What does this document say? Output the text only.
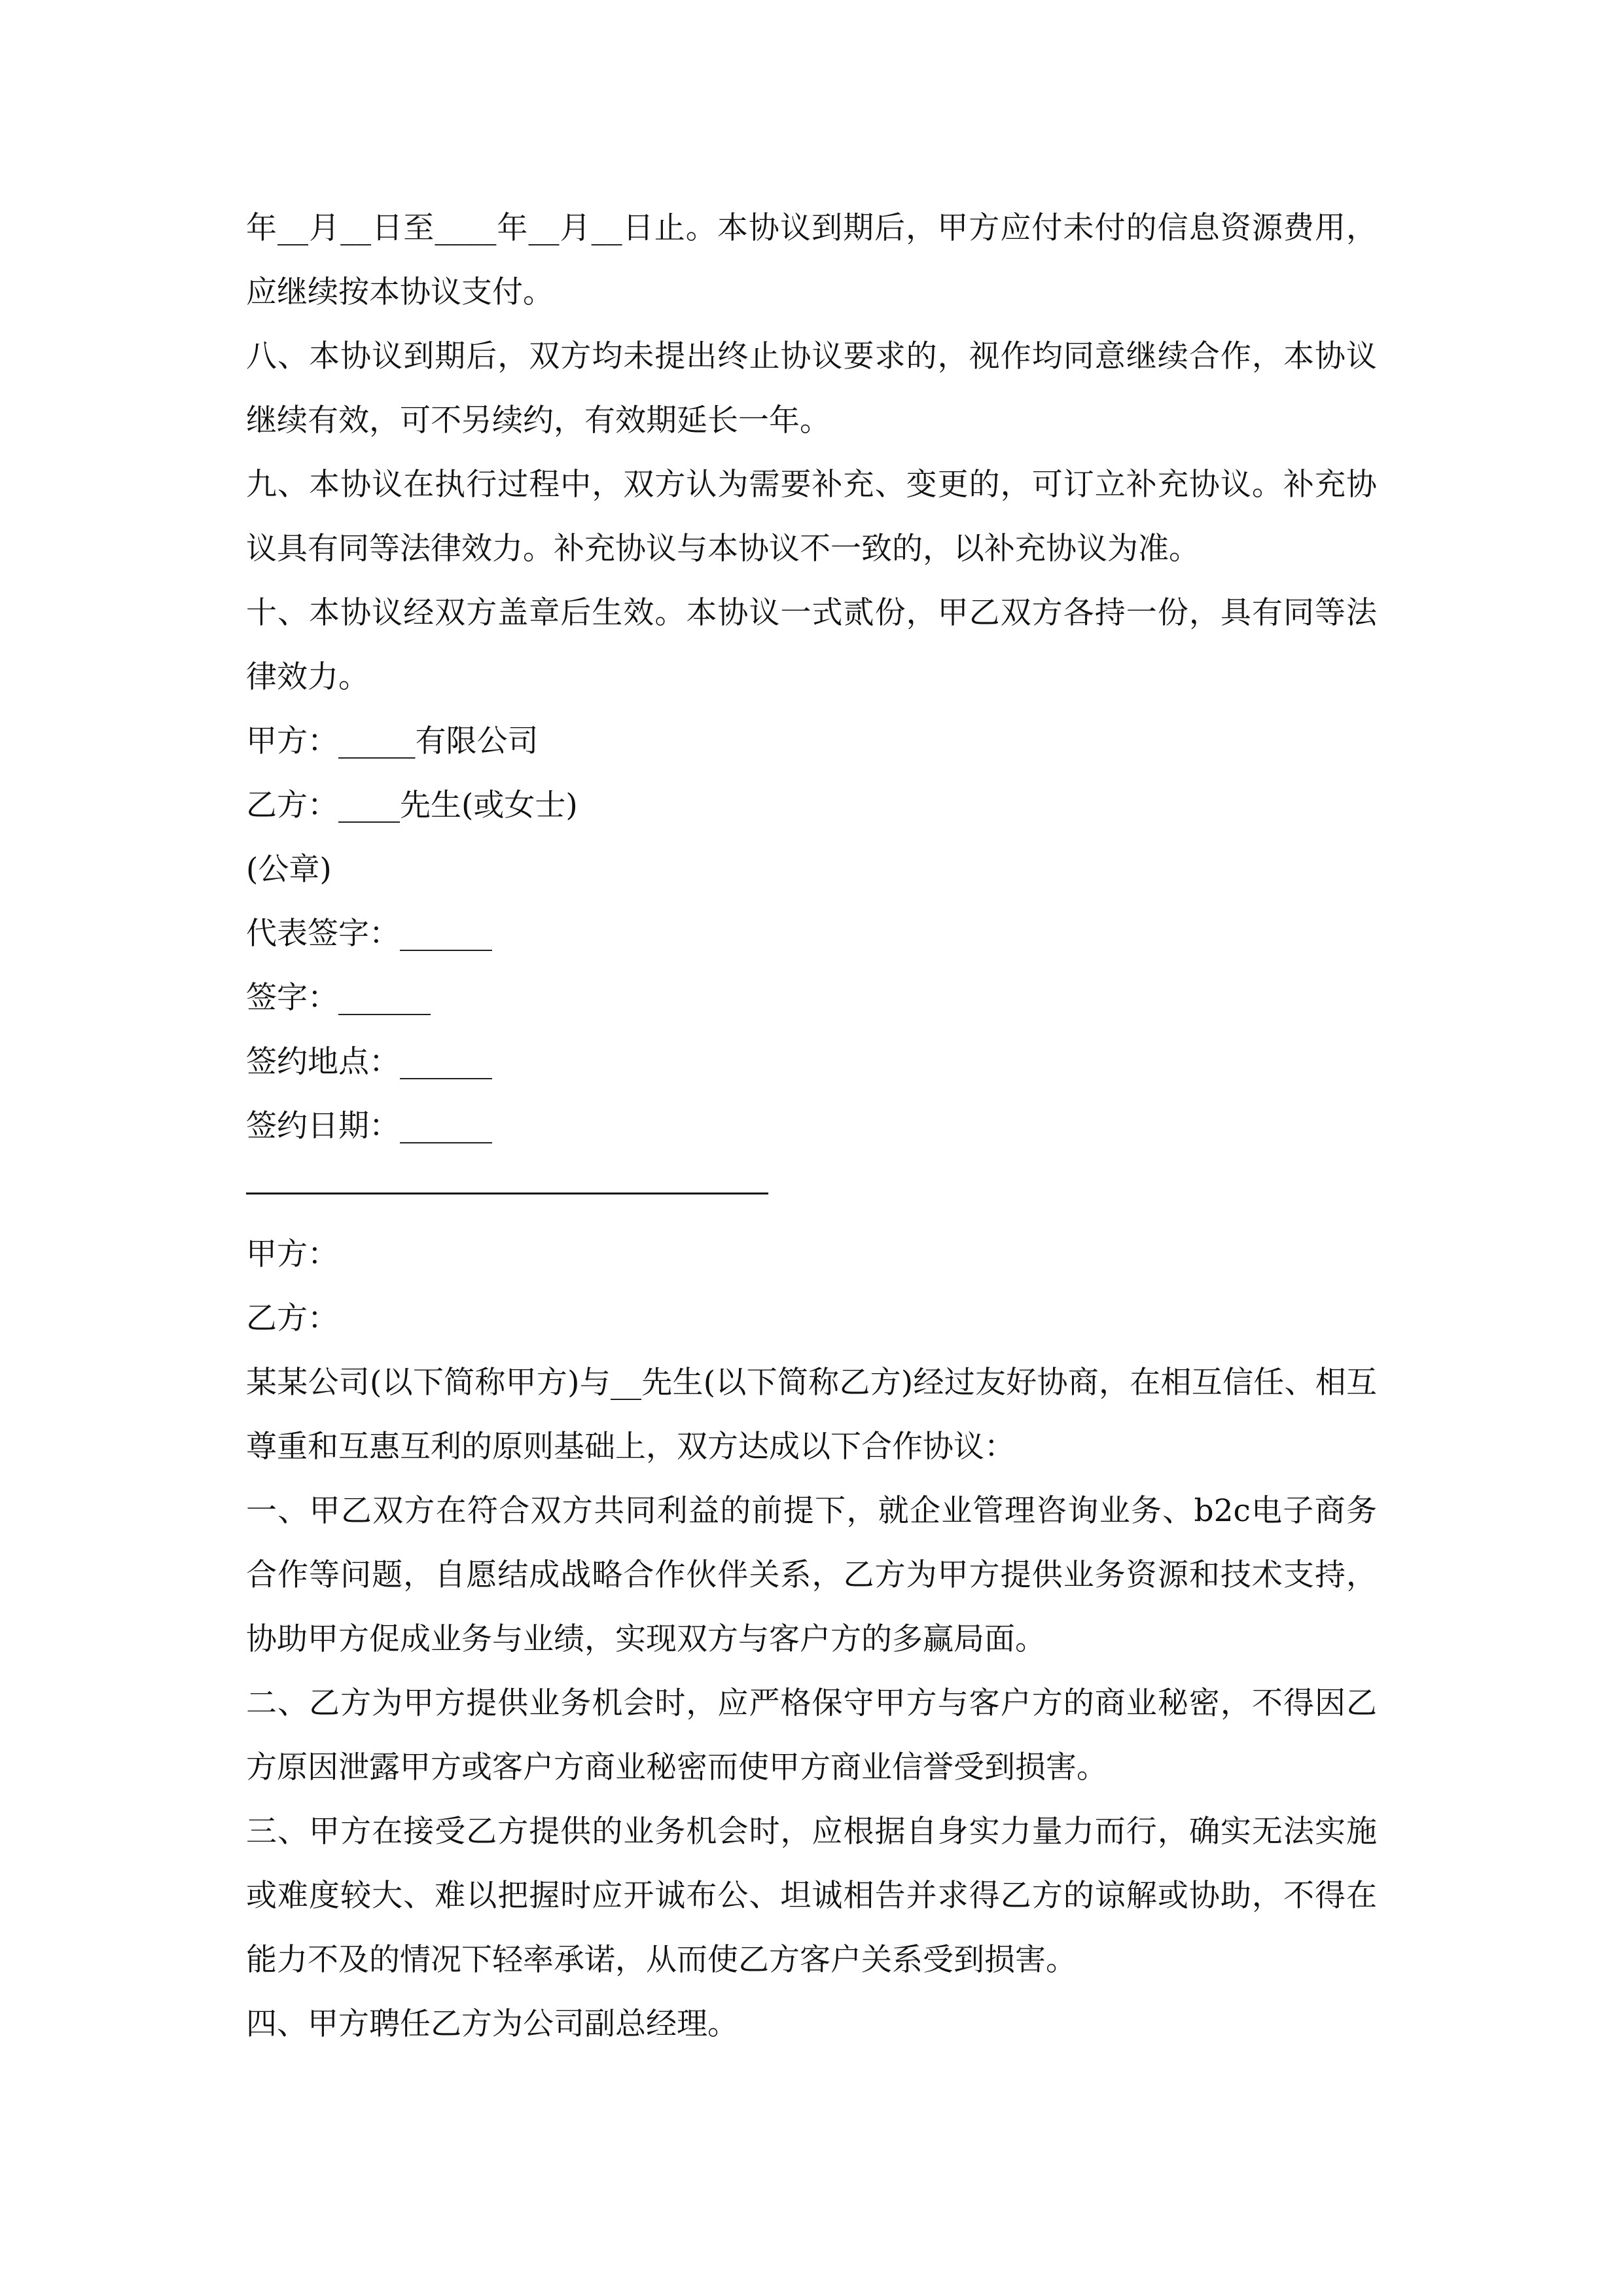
年__月__日至____年__月__日止。本协议到期后，甲方应付未付的信息资源费用，应继续按本协议支付。

八、本协议到期后，双方均未提出终止协议要求的，视作均同意继续合作，本协议继续有效，可不另续约，有效期延长一年。

九、本协议在执行过程中，双方认为需要补充、变更的，可订立补充协议。补充协议具有同等法律效力。补充协议与本协议不一致的，以补充协议为准。

十、本协议经双方盖章后生效。本协议一式贰份，甲乙双方各持一份，具有同等法律效力。

甲方：_____有限公司

乙方：____先生(或女士)

(公章)

代表签字：______

签字：______

签约地点：______

签约日期：______

甲方：

乙方：

某某公司(以下简称甲方)与__先生(以下简称乙方)经过友好协商，在相互信任、相互尊重和互惠互利的原则基础上，双方达成以下合作协议：

一、甲乙双方在符合双方共同利益的前提下，就企业管理咨询业务、b2c电子商务合作等问题，自愿结成战略合作伙伴关系，乙方为甲方提供业务资源和技术支持，协助甲方促成业务与业绩，实现双方与客户方的多赢局面。

二、乙方为甲方提供业务机会时，应严格保守甲方与客户方的商业秘密，不得因乙方原因泄露甲方或客户方商业秘密而使甲方商业信誉受到损害。

三、甲方在接受乙方提供的业务机会时，应根据自身实力量力而行，确实无法实施或难度较大、难以把握时应开诚布公、坦诚相告并求得乙方的谅解或协助，不得在能力不及的情况下轻率承诺，从而使乙方客户关系受到损害。

四、甲方聘任乙方为公司副总经理。
